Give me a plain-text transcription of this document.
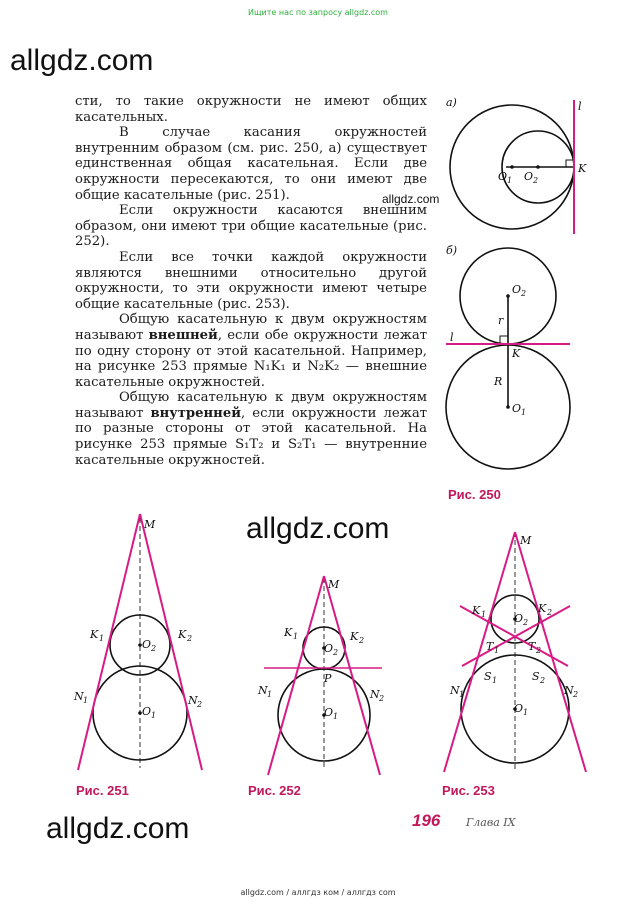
Ищите нас по запросу allgdz.com
allgdz.com

сти, то такие окружности не имеют общих касательных.

В случае касания окружностей внутренним образом (см. рис. 250, а) существует единственная общая касательная. Если две окружности пересекаются, то они имеют две общие касательные (рис. 251).

Если окружности касаются внешним образом, они имеют три общие касательные (рис. 252).

Если все точки каждой окружности являются внешними относительно другой окружности, то эти окружности имеют четыре общие касательные (рис. 253).

Общую касательную к двум окружностям называют внешней, если обе окружности лежат по одну сторону от этой касательной. Например, на рисунке 253 прямые N₁K₁ и N₂K₂ — внешние касательные окружностей.

Общую касательную к двум окружностям называют внутренней, если окружности лежат по разные стороны от этой касательной. На рисунке 253 прямые S₁T₂ и S₂T₁ — внутренние касательные окружностей.

allgdz.com
а)	l
K
O 1 O 2
б)
l
K
O 2
r
R
O 1
Рис. 250
allgdz.com
M
K 1	K 2
O 2
N 1	N 2
O 1
M
K 1	K 2
O 2
P
N 1	N 2
O 1
M
K 1	K 2
O 2
T 1	T 2
S 1	S 2
N 1	N 2
O 1
Рис. 251	Рис. 252	Рис. 253
allgdz.com	196 Глава IX
allgdz.com / аллгдз ком / аллгдз com
